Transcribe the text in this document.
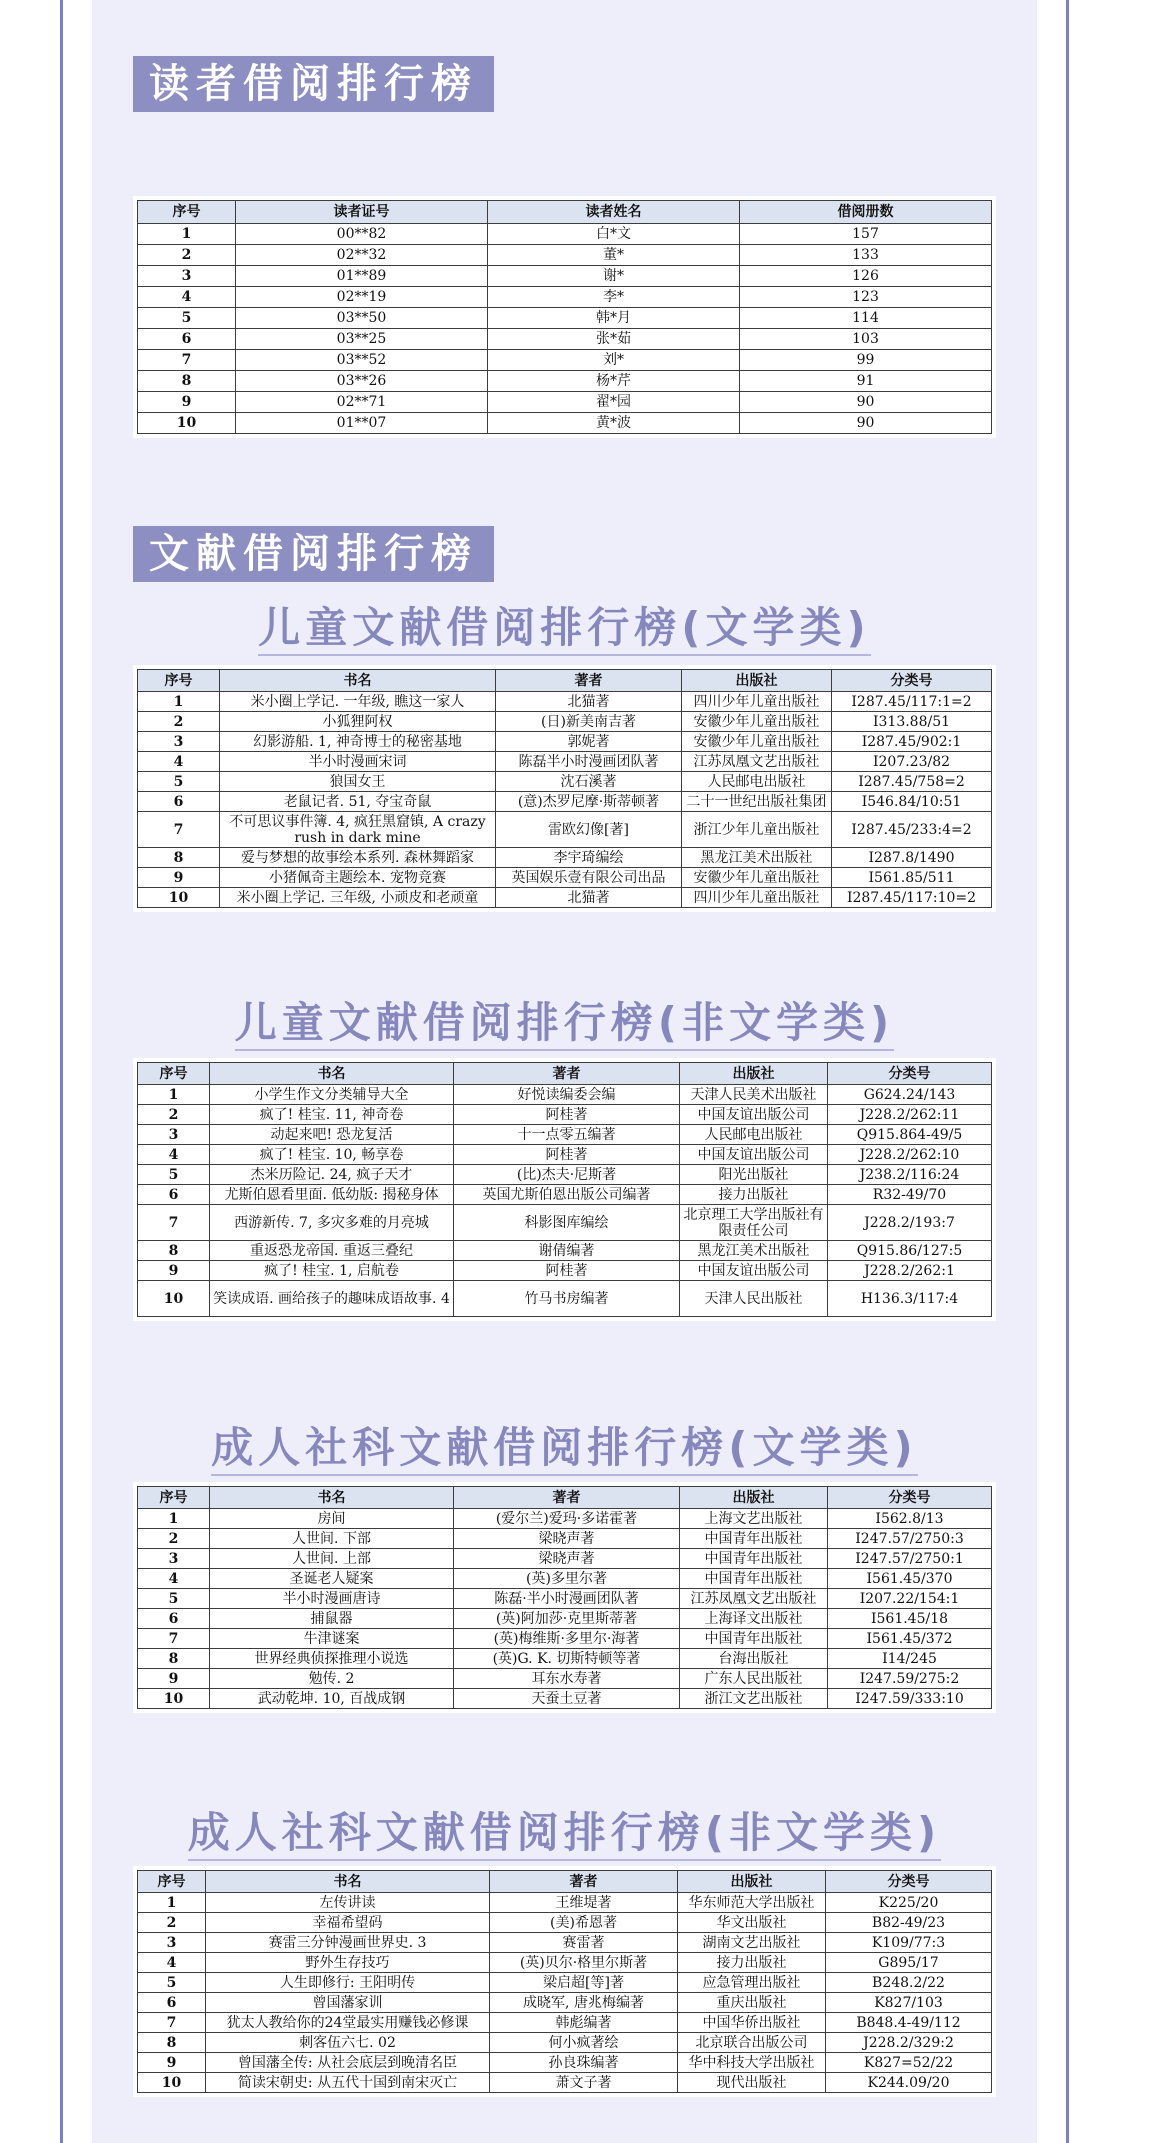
读者借阅排行榜
序号	读者证号	读者姓名	借阅册数
1	00**82	白*文	157
2	02**32	董*	133
3	01**89	谢*	126
4	02**19	李*	123
5	03**50	韩*月	114
6	03**25	张*茹	103
7	03**52	刘*	99
8	03**26	杨*芹	91
9	02**71	翟*园	90
10	01**07	黄*波	90
文献借阅排行榜
儿童文献借阅排行榜(文学类)
序号	书名	著者	出版社	分类号
1	米小圈上学记. 一年级, 瞧这一家人	北猫著	四川少年儿童出版社	I287.45/117:1=2
2	小狐狸阿权	(日)新美南吉著	安徽少年儿童出版社	I313.88/51
3	幻影游船. 1, 神奇博士的秘密基地	郭妮著	安徽少年儿童出版社	I287.45/902:1
4	半小时漫画宋词	陈磊半小时漫画团队著	江苏凤凰文艺出版社	I207.23/82
5	狼国女王	沈石溪著	人民邮电出版社	I287.45/758=2
6	老鼠记者. 51, 夺宝奇鼠	(意)杰罗尼摩·斯蒂顿著	二十一世纪出版社集团	I546.84/10:51
7	不可思议事件簿. 4, 疯狂黑窟镇, A crazy rush in dark mine	雷欧幻像[著]	浙江少年儿童出版社	I287.45/233:4=2
8	爱与梦想的故事绘本系列. 森林舞蹈家	李宇琦编绘	黑龙江美术出版社	I287.8/1490
9	小猪佩奇主题绘本. 宠物竞赛	英国娱乐壹有限公司出品	安徽少年儿童出版社	I561.85/511
10	米小圈上学记. 三年级, 小顽皮和老顽童	北猫著	四川少年儿童出版社	I287.45/117:10=2
儿童文献借阅排行榜(非文学类)
序号	书名	著者	出版社	分类号
1	小学生作文分类辅导大全	好悦读编委会编	天津人民美术出版社	G624.24/143
2	疯了! 桂宝. 11, 神奇卷	阿桂著	中国友谊出版公司	J228.2/262:11
3	动起来吧! 恐龙复活	十一点零五编著	人民邮电出版社	Q915.864-49/5
4	疯了! 桂宝. 10, 畅享卷	阿桂著	中国友谊出版公司	J228.2/262:10
5	杰米历险记. 24, 疯子天才	(比)杰夫·尼斯著	阳光出版社	J238.2/116:24
6	尤斯伯恩看里面. 低幼版: 揭秘身体	英国尤斯伯恩出版公司编著	接力出版社	R32-49/70
7	西游新传. 7, 多灾多难的月亮城	科影图库编绘	北京理工大学出版社有限责任公司	J228.2/193:7
8	重返恐龙帝国. 重返三叠纪	谢倩编著	黑龙江美术出版社	Q915.86/127:5
9	疯了! 桂宝. 1, 启航卷	阿桂著	中国友谊出版公司	J228.2/262:1
10	笑读成语. 画给孩子的趣味成语故事. 4	竹马书房编著	天津人民出版社	H136.3/117:4
成人社科文献借阅排行榜(文学类)
序号	书名	著者	出版社	分类号
1	房间	(爱尔兰)爱玛·多诺霍著	上海文艺出版社	I562.8/13
2	人世间. 下部	梁晓声著	中国青年出版社	I247.57/2750:3
3	人世间. 上部	梁晓声著	中国青年出版社	I247.57/2750:1
4	圣诞老人疑案	(英)多里尔著	中国青年出版社	I561.45/370
5	半小时漫画唐诗	陈磊·半小时漫画团队著	江苏凤凰文艺出版社	I207.22/154:1
6	捕鼠器	(英)阿加莎·克里斯蒂著	上海译文出版社	I561.45/18
7	牛津谜案	(英)梅维斯·多里尔·海著	中国青年出版社	I561.45/372
8	世界经典侦探推理小说选	(英)G. K. 切斯特顿等著	台海出版社	I14/245
9	勉传. 2	耳东水寿著	广东人民出版社	I247.59/275:2
10	武动乾坤. 10, 百战成钢	天蚕土豆著	浙江文艺出版社	I247.59/333:10
成人社科文献借阅排行榜(非文学类)
序号	书名	著者	出版社	分类号
1	左传讲读	王维堤著	华东师范大学出版社	K225/20
2	幸福希望码	(美)希恩著	华文出版社	B82-49/23
3	赛雷三分钟漫画世界史. 3	赛雷著	湖南文艺出版社	K109/77:3
4	野外生存技巧	(英)贝尔·格里尔斯著	接力出版社	G895/17
5	人生即修行: 王阳明传	梁启超[等]著	应急管理出版社	B248.2/22
6	曾国藩家训	成晓军, 唐兆梅编著	重庆出版社	K827/103
7	犹太人教给你的24堂最实用赚钱必修课	韩彪编著	中国华侨出版社	B848.4-49/112
8	刺客伍六七. 02	何小疯著绘	北京联合出版公司	J228.2/329:2
9	曾国藩全传: 从社会底层到晚清名臣	孙良珠编著	华中科技大学出版社	K827=52/22
10	简读宋朝史: 从五代十国到南宋灭亡	萧文子著	现代出版社	K244.09/20
